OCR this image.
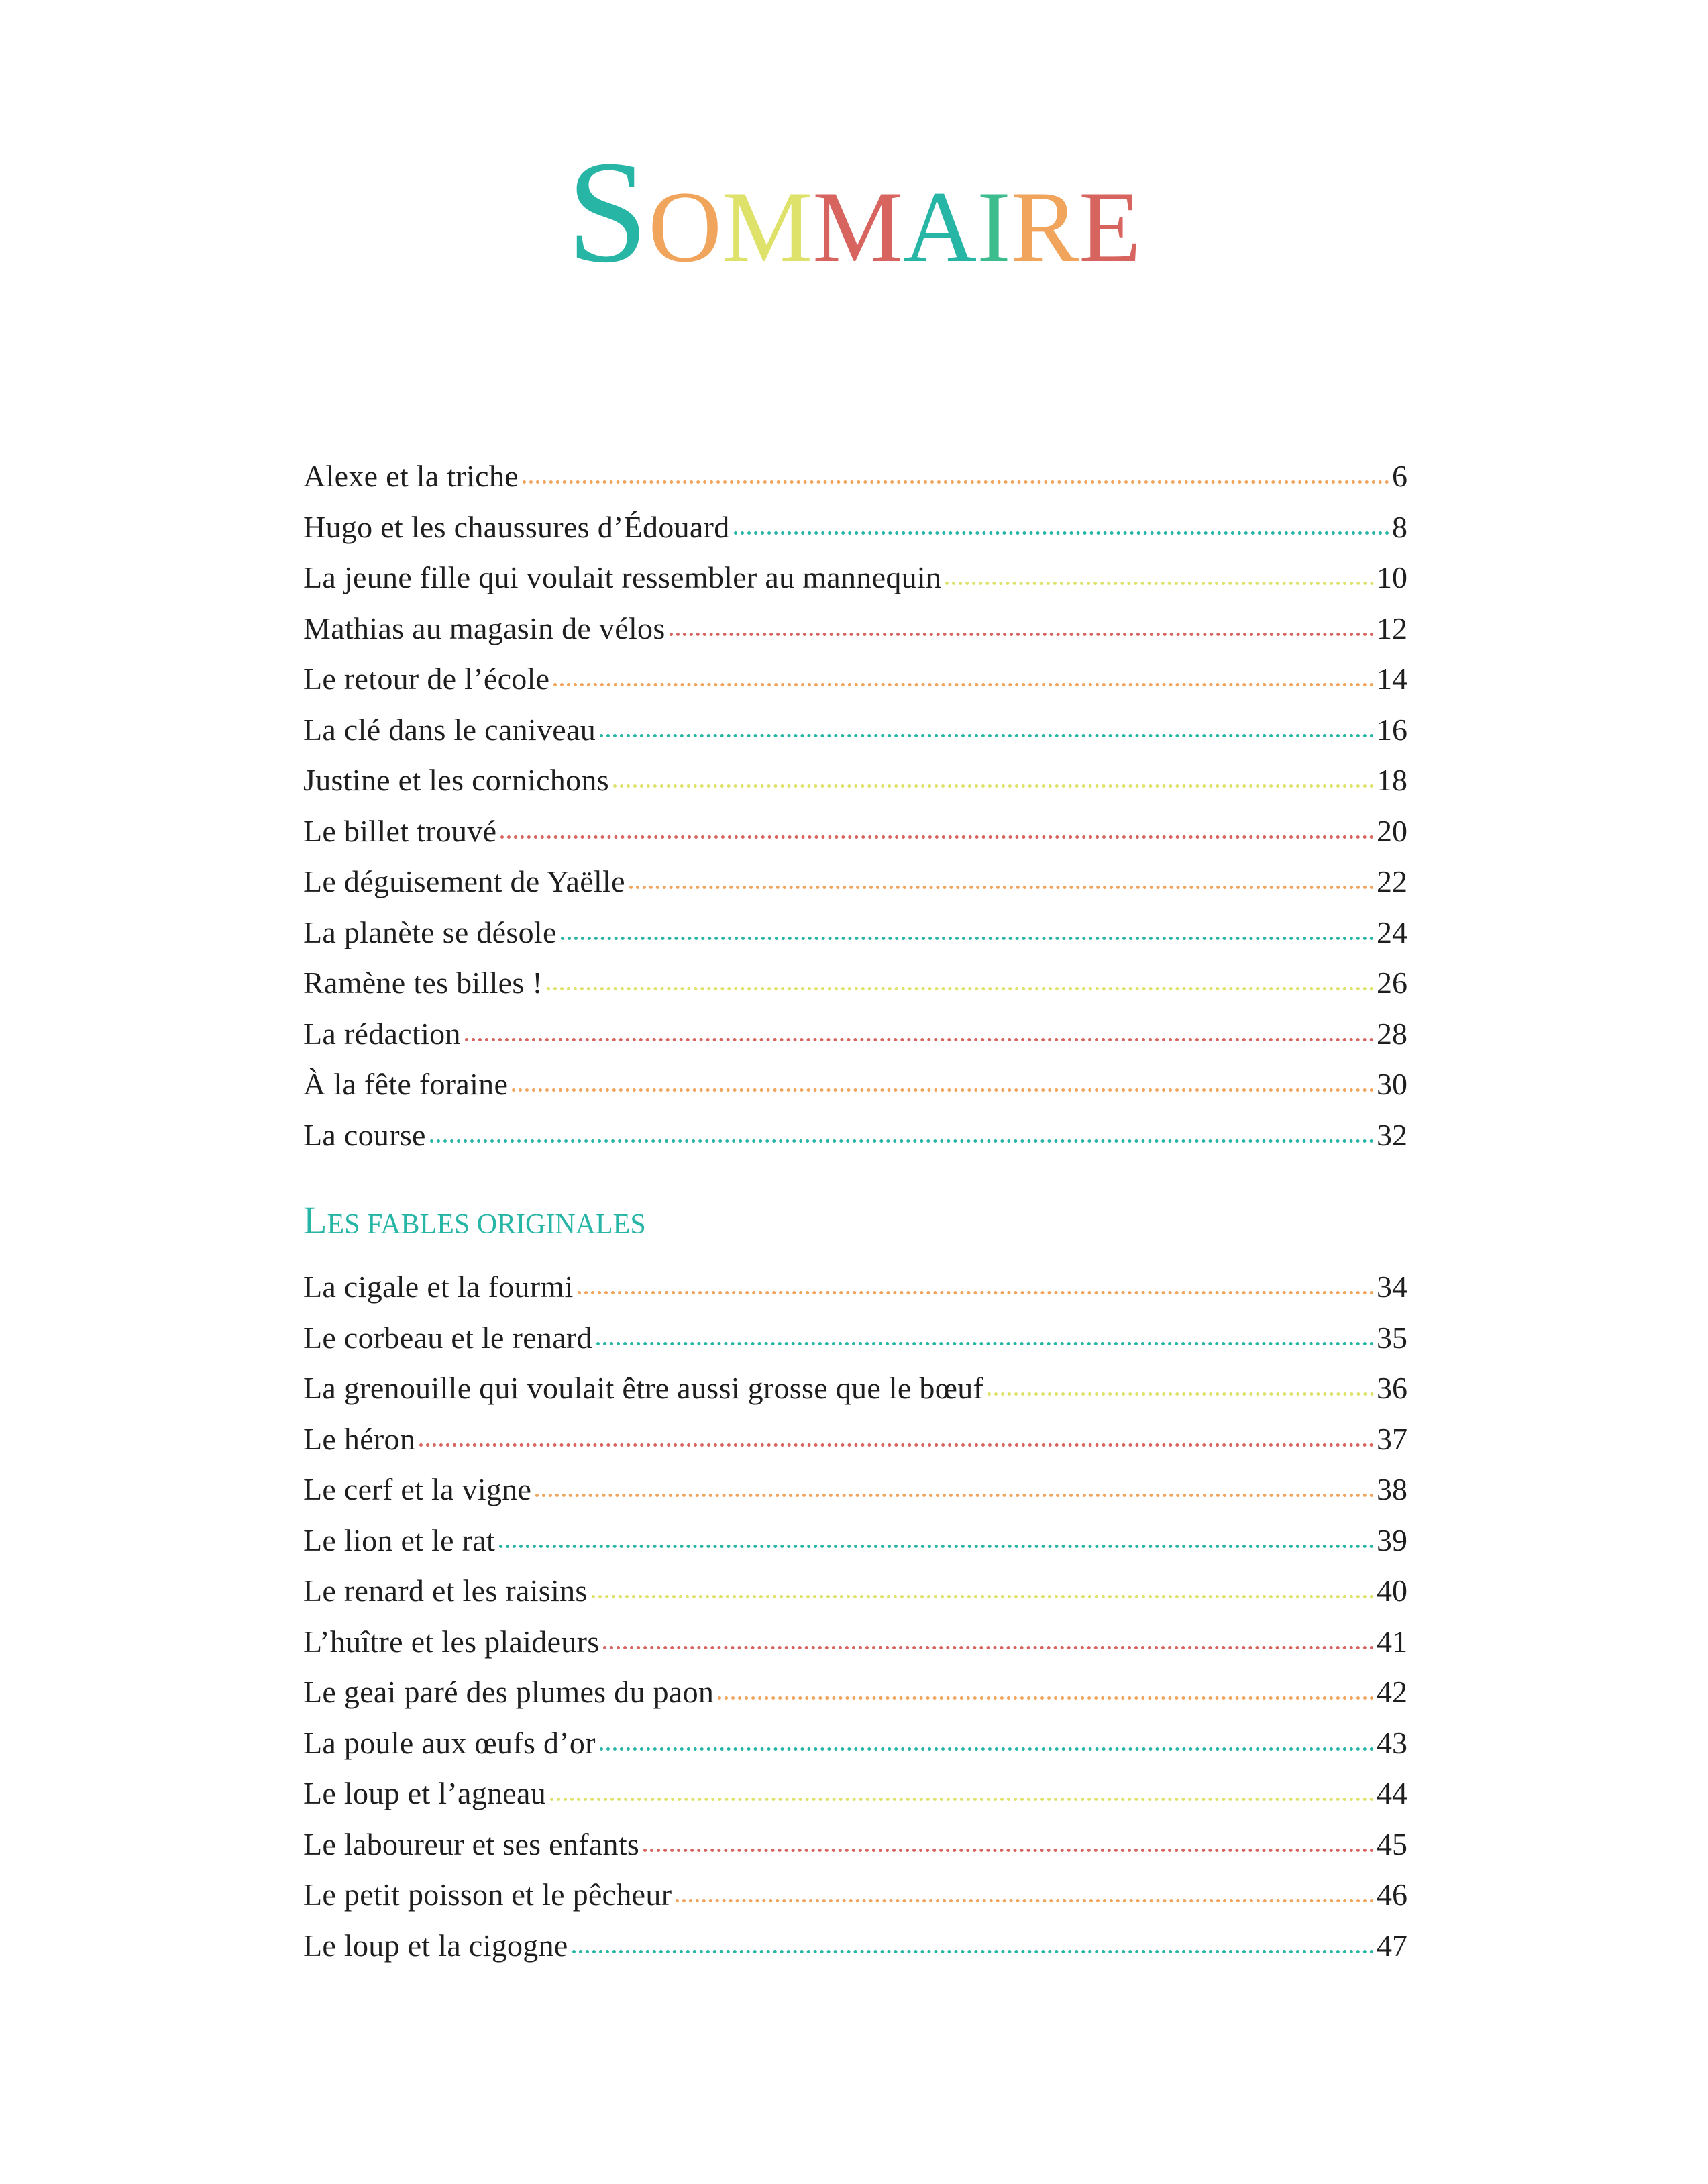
SOMMAIRE
Alexe et la triche	6
Hugo et les chaussures d’Édouard	8
La jeune fille qui voulait ressembler au mannequin	10
Mathias au magasin de vélos	12
Le retour de l’école	14
La clé dans le caniveau	16
Justine et les cornichons	18
Le billet trouvé	20
Le déguisement de Yaëlle	22
La planète se désole	24
Ramène tes billes !	26
La rédaction	28
À la fête foraine	30
La course	32
LES FABLES ORIGINALES
La cigale et la fourmi	34
Le corbeau et le renard	35
La grenouille qui voulait être aussi grosse que le bœuf	36
Le héron	37
Le cerf et la vigne	38
Le lion et le rat	39
Le renard et les raisins	40
L’huître et les plaideurs	41
Le geai paré des plumes du paon	42
La poule aux œufs d’or	43
Le loup et l’agneau	44
Le laboureur et ses enfants	45
Le petit poisson et le pêcheur	46
Le loup et la cigogne	47
